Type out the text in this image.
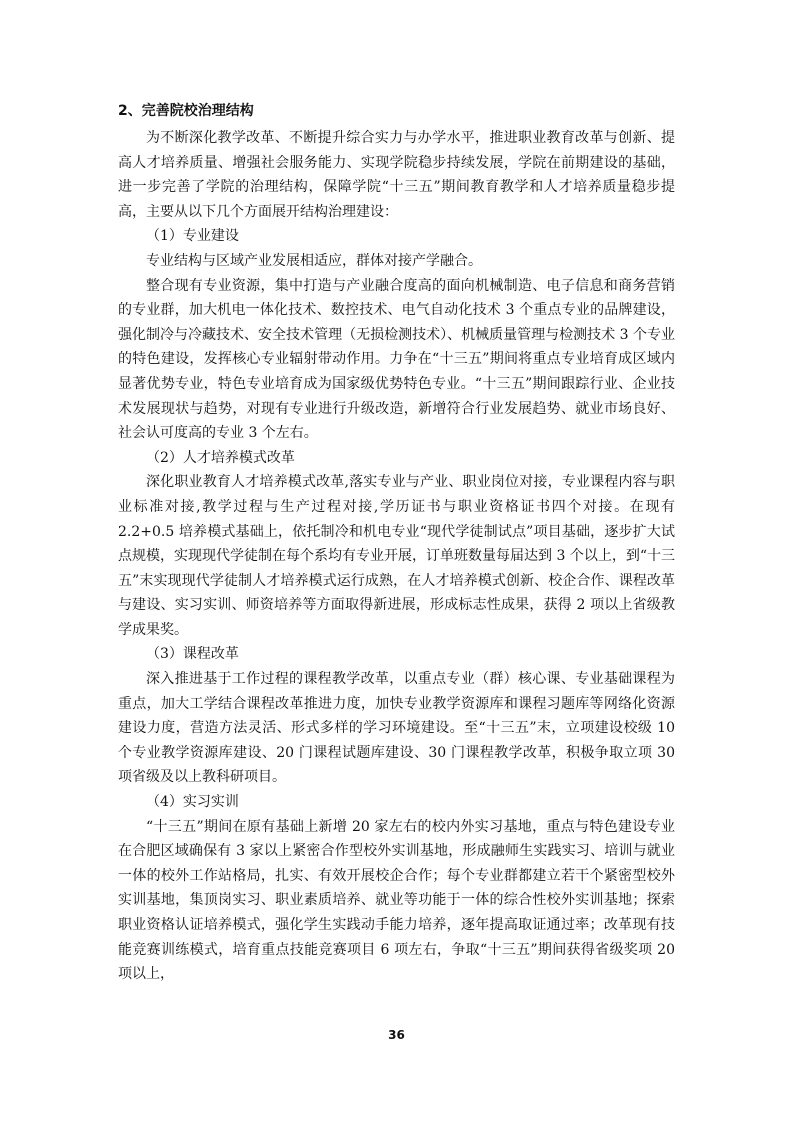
2、完善院校治理结构

为不断深化教学改革、不断提升综合实力与办学水平，推进职业教育改革与创新、提高人才培养质量、增强社会服务能力、实现学院稳步持续发展，学院在前期建设的基础，进一步完善了学院的治理结构，保障学院“十三五”期间教育教学和人才培养质量稳步提高，主要从以下几个方面展开结构治理建设：

（1）专业建设

专业结构与区域产业发展相适应，群体对接产学融合。

整合现有专业资源，集中打造与产业融合度高的面向机械制造、电子信息和商务营销的专业群，加大机电一体化技术、数控技术、电气自动化技术 3 个重点专业的品牌建设，强化制冷与冷藏技术、安全技术管理（无损检测技术）、机械质量管理与检测技术 3 个专业的特色建设，发挥核心专业辐射带动作用。力争在“十三五”期间将重点专业培育成区域内显著优势专业，特色专业培育成为国家级优势特色专业。“十三五”期间跟踪行业、企业技术发展现状与趋势，对现有专业进行升级改造，新增符合行业发展趋势、就业市场良好、社会认可度高的专业 3 个左右。

（2）人才培养模式改革

深化职业教育人才培养模式改革,落实专业与产业、职业岗位对接，专业课程内容与职业标准对接,教学过程与生产过程对接,学历证书与职业资格证书四个对接。在现有 2.2+0.5 培养模式基础上，依托制冷和机电专业“现代学徒制试点”项目基础，逐步扩大试点规模，实现现代学徒制在每个系均有专业开展，订单班数量每届达到 3 个以上，到“十三五”末实现现代学徒制人才培养模式运行成熟，在人才培养模式创新、校企合作、课程改革与建设、实习实训、师资培养等方面取得新进展，形成标志性成果，获得 2 项以上省级教学成果奖。

（3）课程改革

深入推进基于工作过程的课程教学改革，以重点专业（群）核心课、专业基础课程为重点，加大工学结合课程改革推进力度，加快专业教学资源库和课程习题库等网络化资源建设力度，营造方法灵活、形式多样的学习环境建设。至“十三五”末，立项建设校级 10 个专业教学资源库建设、20 门课程试题库建设、30 门课程教学改革，积极争取立项 30 项省级及以上教科研项目。

（4）实习实训

“十三五”期间在原有基础上新增 20 家左右的校内外实习基地，重点与特色建设专业在合肥区域确保有 3 家以上紧密合作型校外实训基地，形成融师生实践实习、培训与就业一体的校外工作站格局，扎实、有效开展校企合作；每个专业群都建立若干个紧密型校外实训基地，集顶岗实习、职业素质培养、就业等功能于一体的综合性校外实训基地；探索职业资格认证培养模式，强化学生实践动手能力培养，逐年提高取证通过率；改革现有技能竞赛训练模式，培育重点技能竞赛项目 6 项左右，争取“十三五”期间获得省级奖项 20 项以上，

36
